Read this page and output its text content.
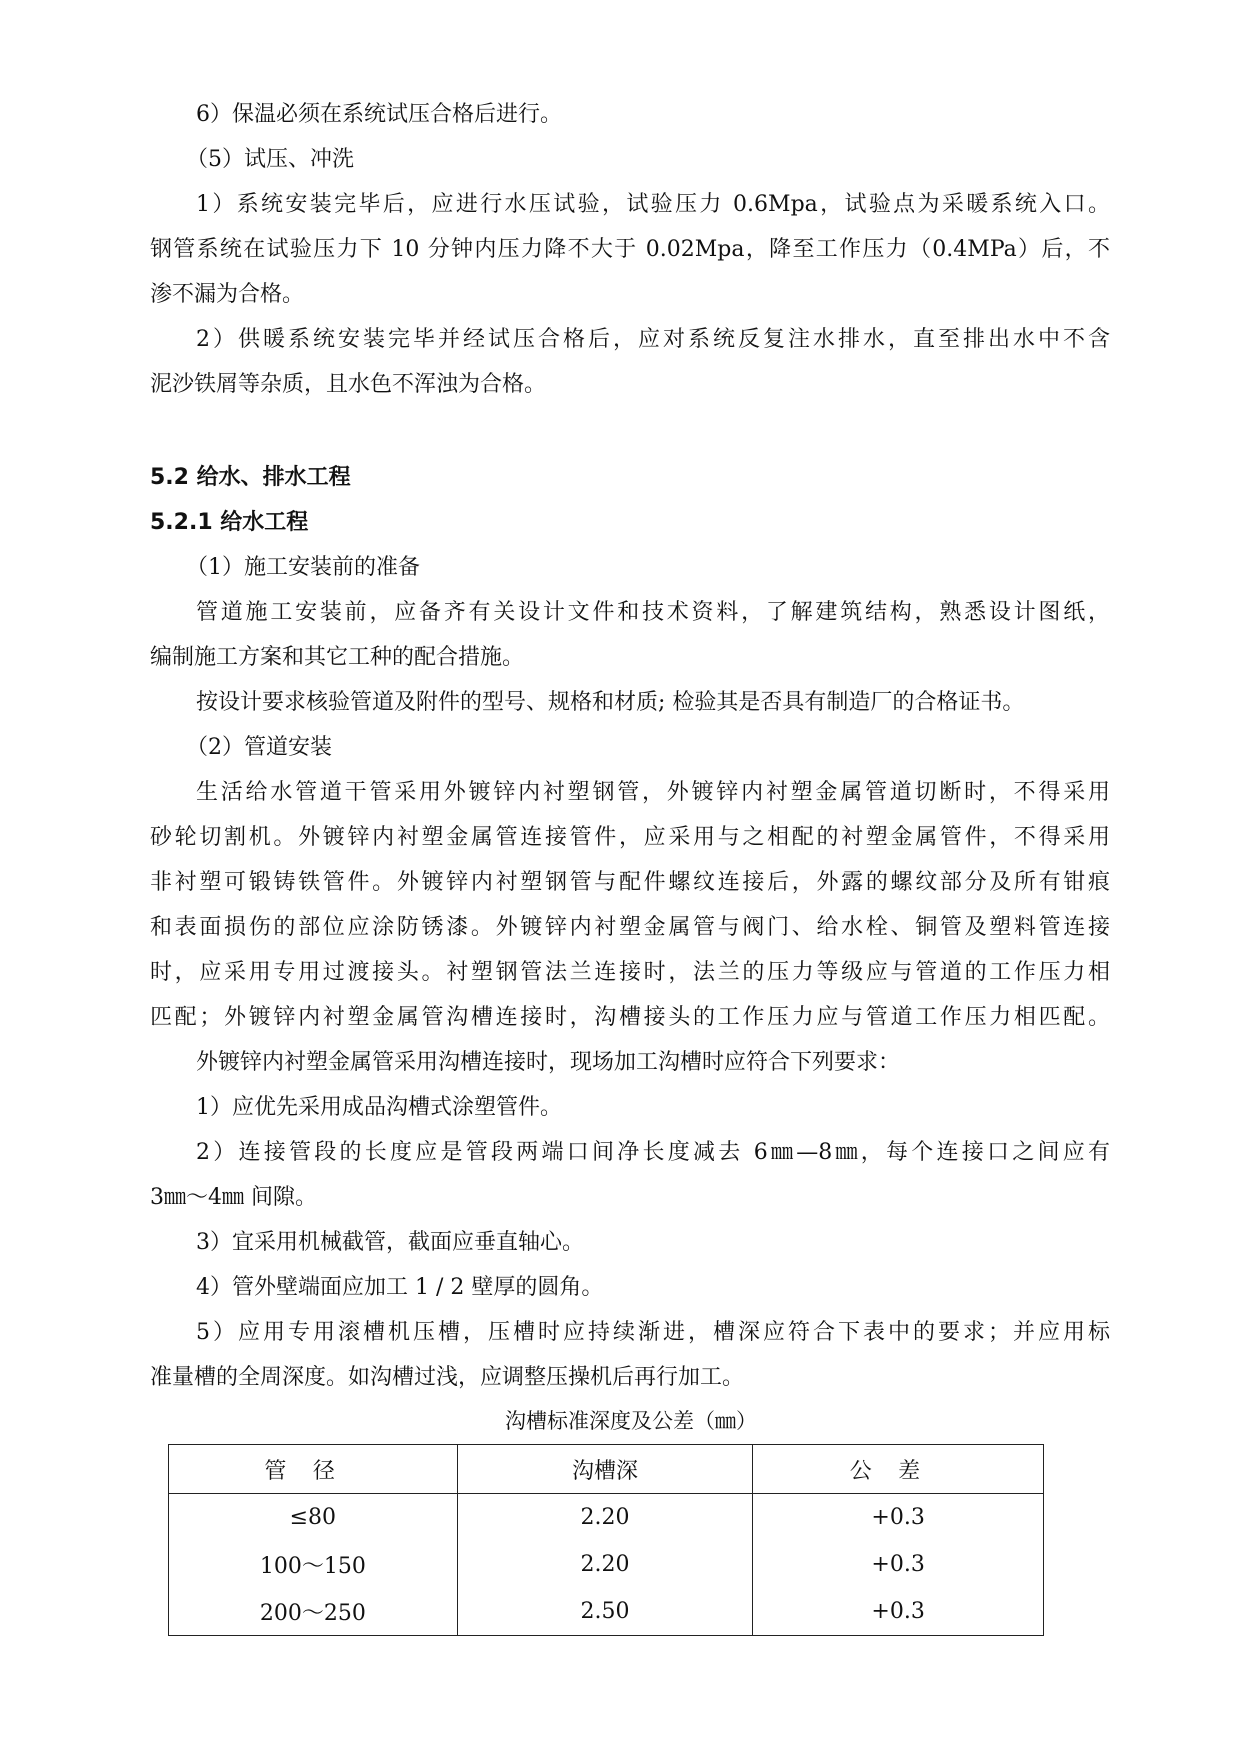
6）保温必须在系统试压合格后进行。
（5）试压、冲洗
1）系统安装完毕后，应进行水压试验，试验压力 0.6Mpa，试验点为采暖系统入口。
钢管系统在试验压力下 10 分钟内压力降不大于 0.02Mpa，降至工作压力（0.4MPa）后，不
渗不漏为合格。
2）供暖系统安装完毕并经试压合格后，应对系统反复注水排水，直至排出水中不含
泥沙铁屑等杂质，且水色不浑浊为合格。
5.2 给水、排水工程
5.2.1 给水工程
（1）施工安装前的准备
管道施工安装前，应备齐有关设计文件和技术资料，了解建筑结构，熟悉设计图纸，
编制施工方案和其它工种的配合措施。
按设计要求核验管道及附件的型号、规格和材质; 检验其是否具有制造厂的合格证书。
（2）管道安装
生活给水管道干管采用外镀锌内衬塑钢管，外镀锌内衬塑金属管道切断时，不得采用
砂轮切割机。外镀锌内衬塑金属管连接管件，应采用与之相配的衬塑金属管件，不得采用
非衬塑可锻铸铁管件。外镀锌内衬塑钢管与配件螺纹连接后，外露的螺纹部分及所有钳痕
和表面损伤的部位应涂防锈漆。外镀锌内衬塑金属管与阀门、给水栓、铜管及塑料管连接
时，应采用专用过渡接头。衬塑钢管法兰连接时，法兰的压力等级应与管道的工作压力相
匹配；外镀锌内衬塑金属管沟槽连接时，沟槽接头的工作压力应与管道工作压力相匹配。
外镀锌内衬塑金属管采用沟槽连接时，现场加工沟槽时应符合下列要求：
1）应优先采用成品沟槽式涂塑管件。
2）连接管段的长度应是管段两端口间净长度减去 6㎜—8㎜，每个连接口之间应有
3㎜～4㎜ 间隙。
3）宜采用机械截管，截面应垂直轴心。
4）管外壁端面应加工 1 / 2 壁厚的圆角。
5）应用专用滚槽机压槽，压槽时应持续渐进，槽深应符合下表中的要求；并应用标
准量槽的全周深度。如沟槽过浅，应调整压操机后再行加工。
沟槽标准深度及公差（㎜）
管径	沟槽深	公差
≤80	2.20	+0.3
100～150	2.20	+0.3
200～250	2.50	+0.3
